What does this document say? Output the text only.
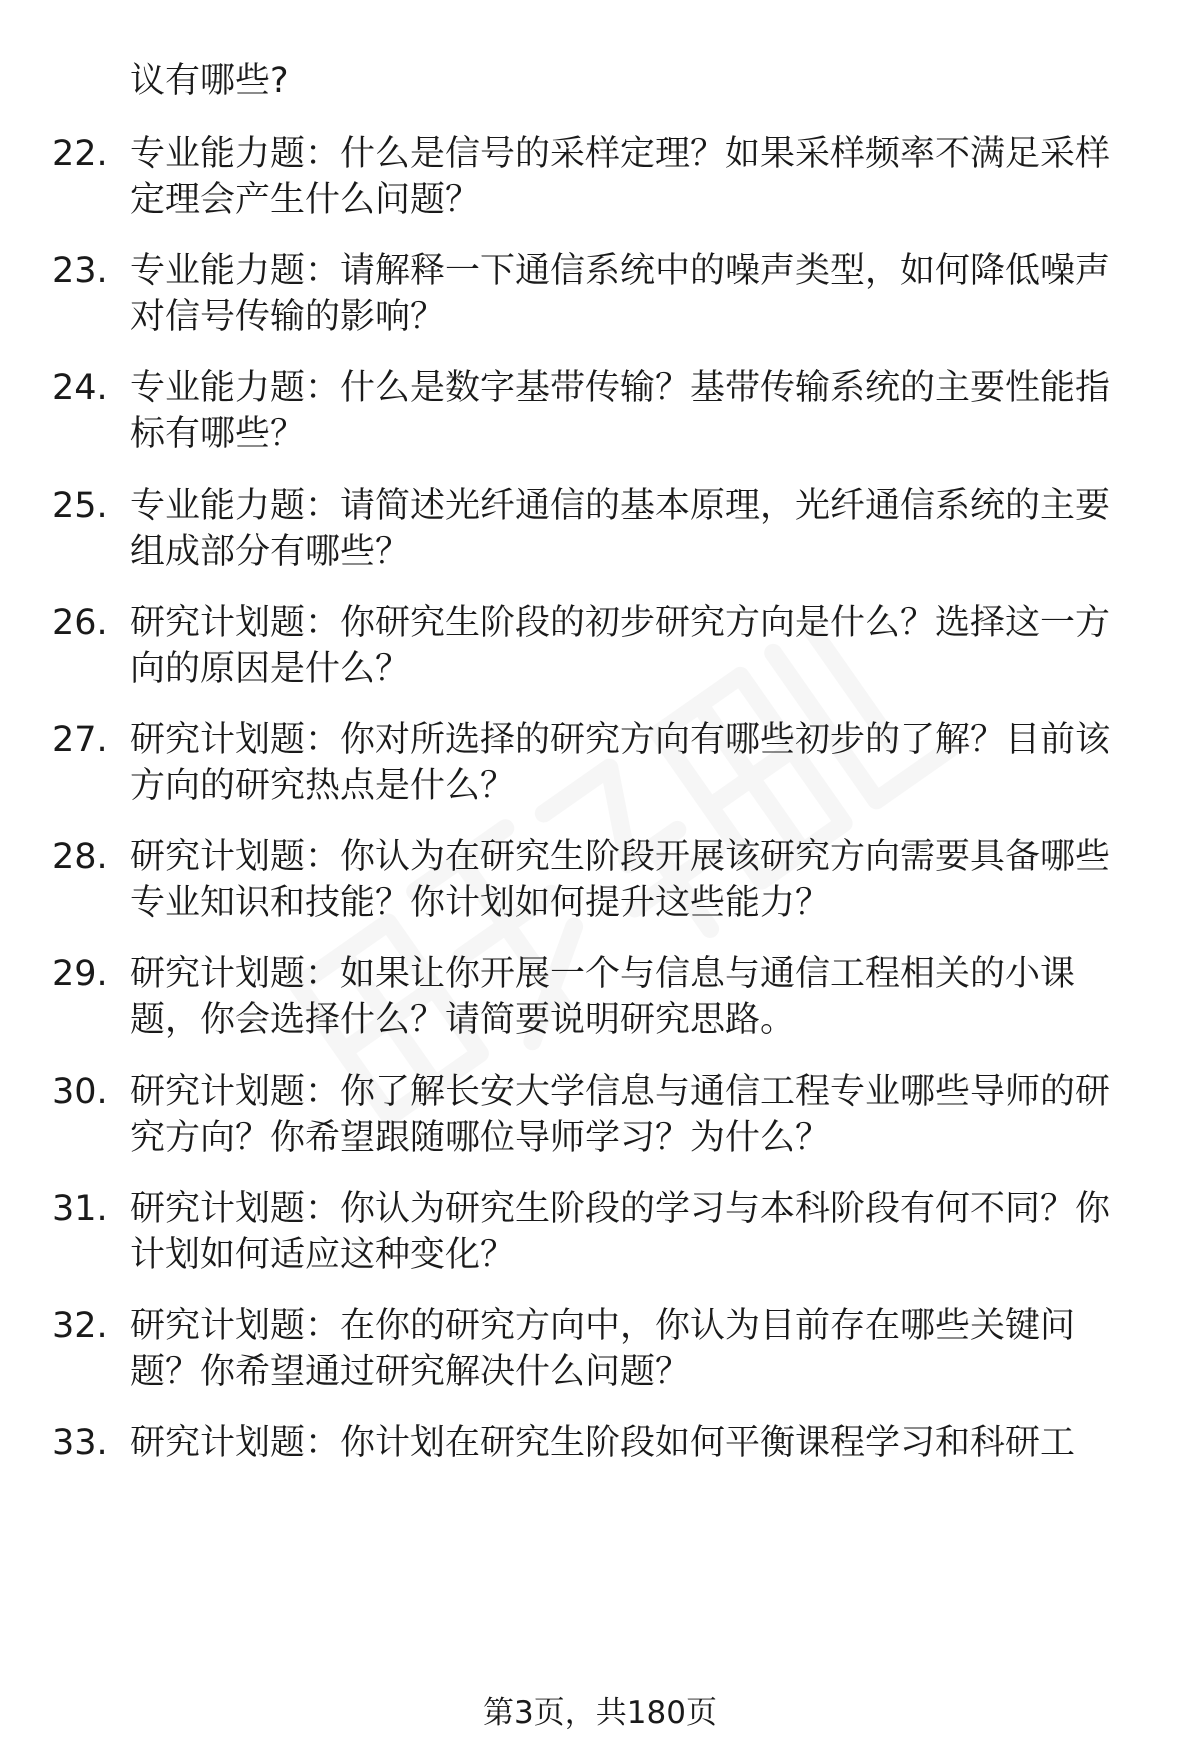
议有哪些?
22. 专业能力题：什么是信号的采样定理？如果采样频率不满足采样
定理会产生什么问题？
23. 专业能力题：请解释一下通信系统中的噪声类型，如何降低噪声
对信号传输的影响？
24. 专业能力题：什么是数字基带传输？基带传输系统的主要性能指
标有哪些？
25. 专业能力题：请简述光纤通信的基本原理，光纤通信系统的主要
组成部分有哪些？
26. 研究计划题：你研究生阶段的初步研究方向是什么？选择这一方
向的原因是什么？
27. 研究计划题：你对所选择的研究方向有哪些初步的了解？目前该
方向的研究热点是什么？
28. 研究计划题：你认为在研究生阶段开展该研究方向需要具备哪些
专业知识和技能？你计划如何提升这些能力？
29. 研究计划题：如果让你开展一个与信息与通信工程相关的小课
题，你会选择什么？请简要说明研究思路。
30. 研究计划题：你了解长安大学信息与通信工程专业哪些导师的研
究方向？你希望跟随哪位导师学习？为什么？
31. 研究计划题：你认为研究生阶段的学习与本科阶段有何不同？你
计划如何适应这种变化？
32. 研究计划题：在你的研究方向中，你认为目前存在哪些关键问
题？你希望通过研究解决什么问题？
33. 研究计划题：你计划在研究生阶段如何平衡课程学习和科研工
第3页，共180页
